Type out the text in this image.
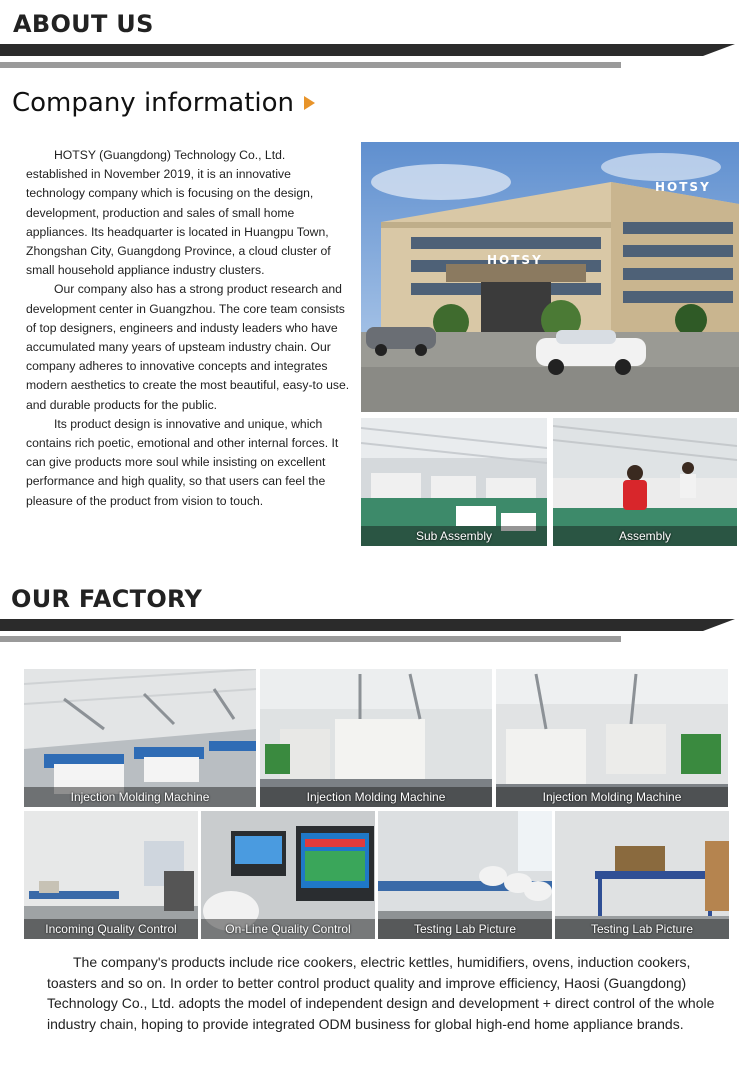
ABOUT US
Company information

HOTSY (Guangdong) Technology Co., Ltd. established in November 2019, it is an innovative technology company which is focusing on the design, development, production and sales of small home appliances. Its headquarter is located in Huangpu Town, Zhongshan City, Guangdong Province, a cloud cluster of small household appliance industry clusters.

Our company also has a strong product research and development center in Guangzhou. The core team consists of top designers, engineers and industy leaders who have accumulated many years of upsteam industry chain. Our company adheres to innovative concepts and integrates modern aesthetics to create the most beautiful, easy-to use. and durable products for the public.

Its product design is innovative and unique, which contains rich poetic, emotional and other internal forces. It can give products more soul while insisting on excellent performance and high quality, so that users can feel the pleasure of the product from vision to touch.

HOTSY
HOTSY
Sub Assembly	Assembly
OUR FACTORY
Injection Molding Machine	Injection Molding Machine	Injection Molding Machine
Incoming Quality Control	On-Line Quality Control	Testing Lab Picture	Testing Lab Picture

The company's products include rice cookers, electric kettles, humidifiers, ovens, induction cookers, toasters and so on. In order to better control product quality and improve efficiency, Haosi (Guangdong) Technology Co., Ltd. adopts the model of independent design and development + direct control of the whole industry chain, hoping to provide integrated ODM business for global high-end home appliance brands.
